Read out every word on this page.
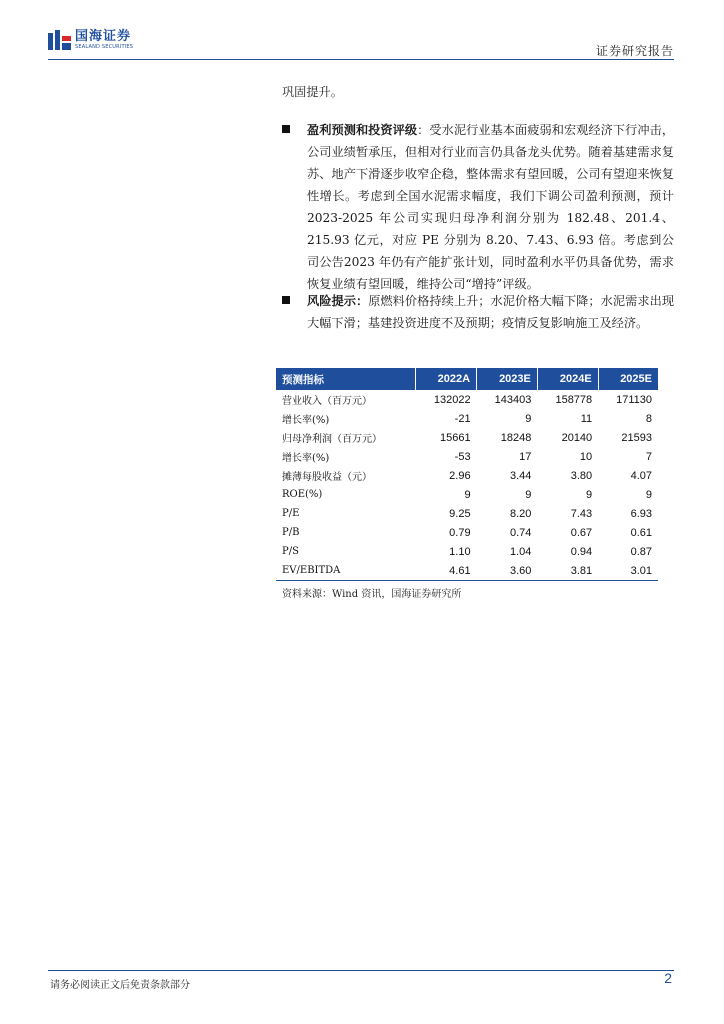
国海证券
SEALAND SECURITIES	证券研究报告
巩固提升。
盈利预测和投资评级：受水泥行业基本面疲弱和宏观经济下行冲击，公司业绩暂承压，但相对行业而言仍具备龙头优势。随着基建需求复苏、地产下滑逐步收窄企稳，整体需求有望回暖，公司有望迎来恢复性增长。考虑到全国水泥需求幅度，我们下调公司盈利预测，预计 2023-2025 年公司实现归母净利润分别为 182.48、201.4、215.93 亿元，对应 PE 分别为 8.20、7.43、6.93 倍。考虑到公司公告2023 年仍有产能扩张计划，同时盈利水平仍具备优势，需求恢复业绩有望回暖，维持公司“增持”评级。
风险提示：原燃料价格持续上升；水泥价格大幅下降；水泥需求出现大幅下滑；基建投资进度不及预期；疫情反复影响施工及经济。
预测指标	2022A	2023E	2024E	2025E
营业收入（百万元）	132022	143403	158778	171130
增长率(%)	-21	9	11	8
归母净利润（百万元）	15661	18248	20140	21593
增长率(%)	-53	17	10	7
摊薄每股收益（元）	2.96	3.44	3.80	4.07
ROE(%)	9	9	9	9
P/E	9.25	8.20	7.43	6.93
P/B	0.79	0.74	0.67	0.61
P/S	1.10	1.04	0.94	0.87
EV/EBITDA	4.61	3.60	3.81	3.01
资料来源：Wind 资讯，国海证券研究所
请务必阅读正文后免责条款部分	2
